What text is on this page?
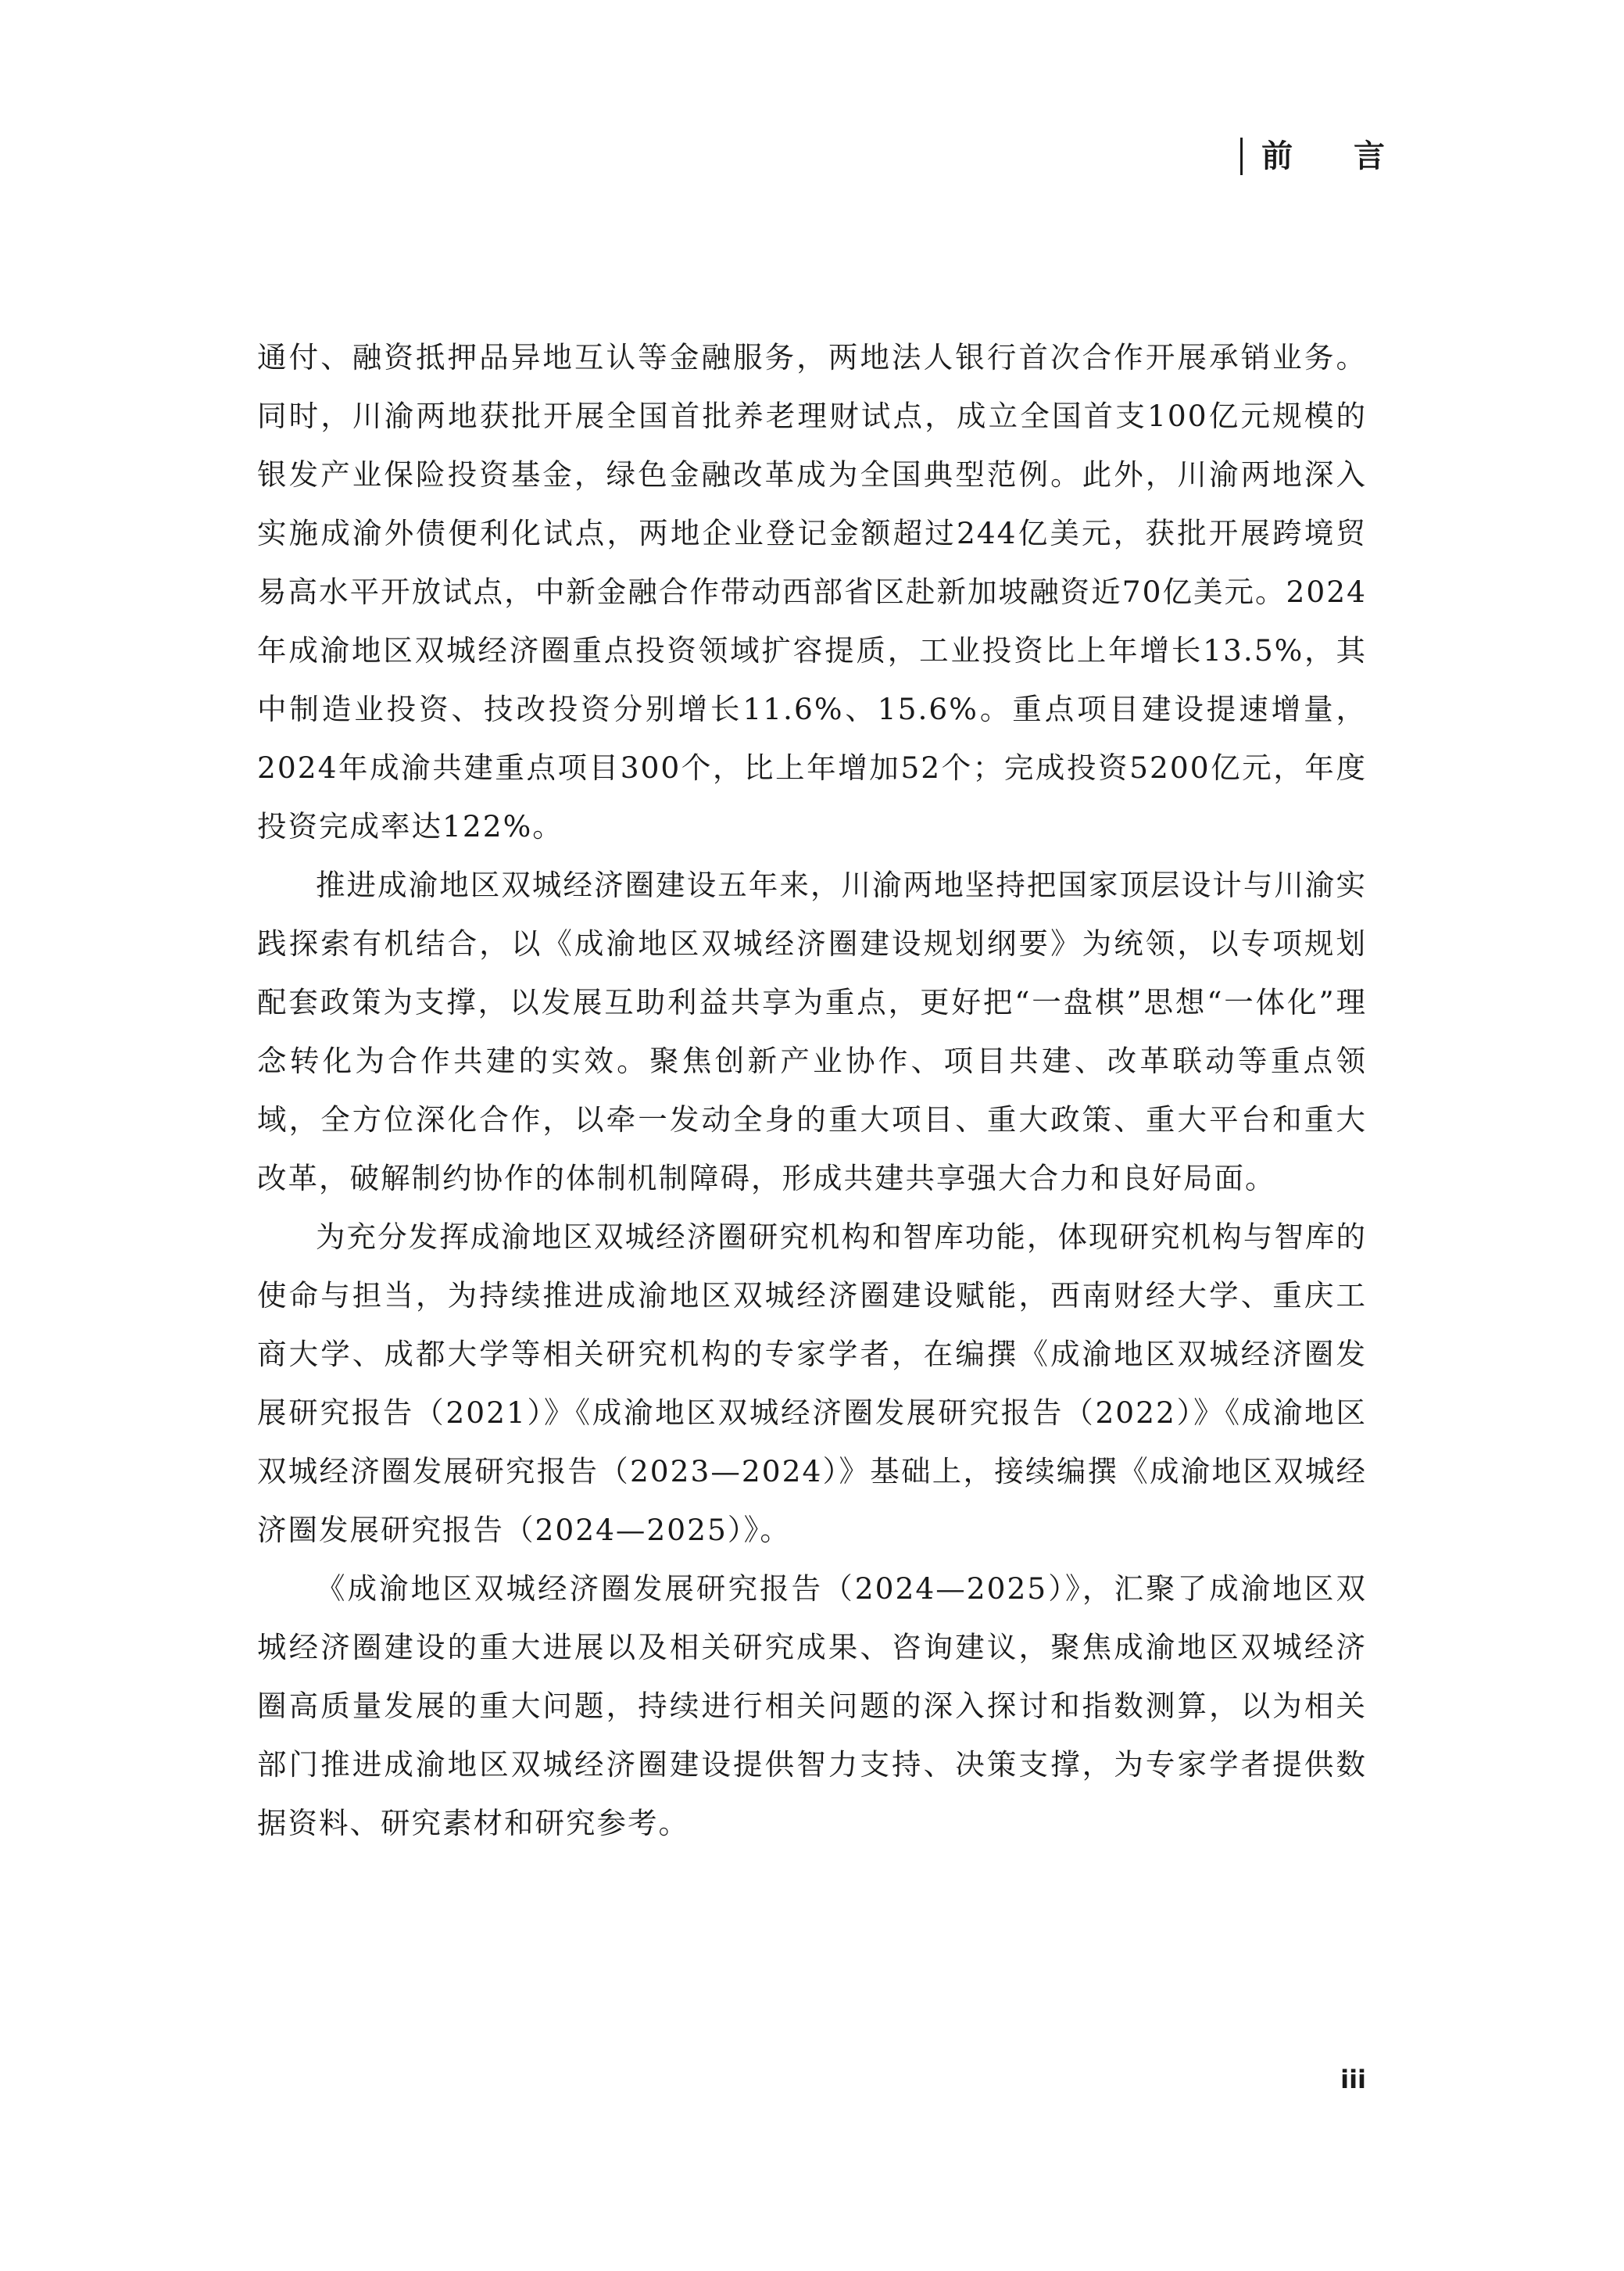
前 言

通付、融资抵押品异地互认等金融服务，两地法人银行首次合作开展承销业务。同时，川渝两地获批开展全国首批养老理财试点，成立全国首支100亿元规模的银发产业保险投资基金，绿色金融改革成为全国典型范例。此外，川渝两地深入实施成渝外债便利化试点，两地企业登记金额超过244亿美元，获批开展跨境贸易高水平开放试点，中新金融合作带动西部省区赴新加坡融资近70亿美元。2024年成渝地区双城经济圈重点投资领域扩容提质，工业投资比上年增长13.5%，其中制造业投资、技改投资分别增长11.6%、15.6%。重点项目建设提速增量，2024年成渝共建重点项目300个，比上年增加52个；完成投资5200亿元，年度投资完成率达122%。

推进成渝地区双城经济圈建设五年来，川渝两地坚持把国家顶层设计与川渝实践探索有机结合，以《成渝地区双城经济圈建设规划纲要》为统领，以专项规划配套政策为支撑，以发展互助利益共享为重点，更好把“一盘棋”思想“一体化”理念转化为合作共建的实效。聚焦创新产业协作、项目共建、改革联动等重点领域，全方位深化合作，以牵一发动全身的重大项目、重大政策、重大平台和重大改革，破解制约协作的体制机制障碍，形成共建共享强大合力和良好局面。

为充分发挥成渝地区双城经济圈研究机构和智库功能，体现研究机构与智库的使命与担当，为持续推进成渝地区双城经济圈建设赋能，西南财经大学、重庆工商大学、成都大学等相关研究机构的专家学者，在编撰《成渝地区双城经济圈发展研究报告（2021）》《成渝地区双城经济圈发展研究报告（2022）》《成渝地区双城经济圈发展研究报告（2023—2024）》基础上，接续编撰《成渝地区双城经济圈发展研究报告（2024—2025）》。

《成渝地区双城经济圈发展研究报告（2024—2025）》，汇聚了成渝地区双城经济圈建设的重大进展以及相关研究成果、咨询建议，聚焦成渝地区双城经济圈高质量发展的重大问题，持续进行相关问题的深入探讨和指数测算，以为相关部门推进成渝地区双城经济圈建设提供智力支持、决策支撑，为专家学者提供数据资料、研究素材和研究参考。

iii
